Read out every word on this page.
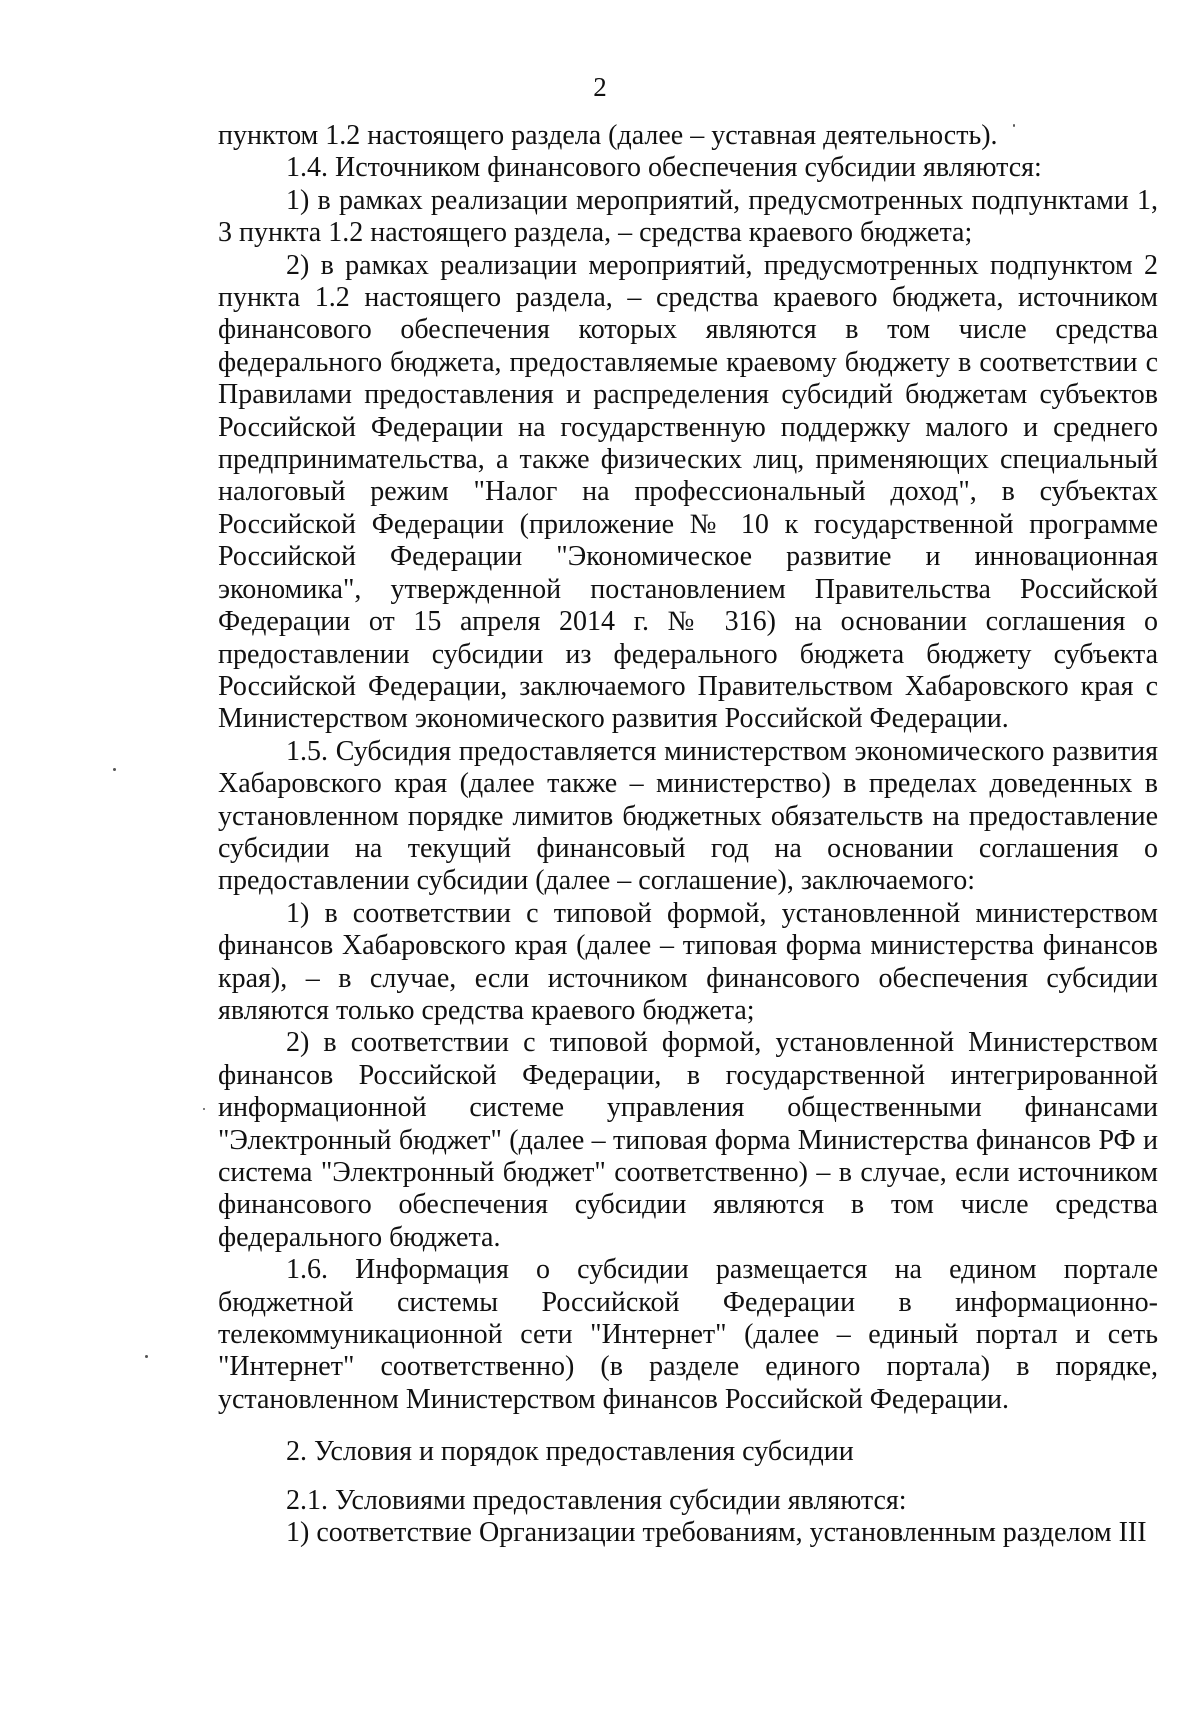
2

пунктом 1.2 настоящего раздела (далее – уставная деятельность).

1.4. Источником финансового обеспечения субсидии являются:

1) в рамках реализации мероприятий, предусмотренных подпунктами 1, 3 пункта 1.2 настоящего раздела, – средства краевого бюджета;

2) в рамках реализации мероприятий, предусмотренных подпунктом 2 пункта 1.2 настоящего раздела, – средства краевого бюджета, источником финансового обеспечения которых являются в том числе средства федерального бюджета, предоставляемые краевому бюджету в соответствии с Правилами предоставления и распределения субсидий бюджетам субъектов Российской Федерации на государственную поддержку малого и среднего предпринимательства, а также физических лиц, применяющих специальный налоговый режим "Налог на профессиональный доход", в субъектах Российской Федерации (приложение № 10 к государственной программе Российской Федерации "Экономическое развитие и инновационная экономика", утвержденной постановлением Правительства Российской Федерации от 15 апреля 2014 г. № 316) на основании соглашения о предоставлении субсидии из федерального бюджета бюджету субъекта Российской Федерации, заключаемого Правительством Хабаровского края с Министерством экономического развития Российской Федерации.

1.5. Субсидия предоставляется министерством экономического развития Хабаровского края (далее также – министерство) в пределах доведенных в установленном порядке лимитов бюджетных обязательств на предоставление субсидии на текущий финансовый год на основании соглашения о предоставлении субсидии (далее – соглашение), заключаемого:

1) в соответствии с типовой формой, установленной министерством финансов Хабаровского края (далее – типовая форма министерства финансов края), – в случае, если источником финансового обеспечения субсидии являются только средства краевого бюджета;

2) в соответствии с типовой формой, установленной Министерством финансов Российской Федерации, в государственной интегрированной информационной системе управления общественными финансами "Электронный бюджет" (далее – типовая форма Министерства финансов РФ и система "Электронный бюджет" соответственно) – в случае, если источником финансового обеспечения субсидии являются в том числе средства федерального бюджета.

1.6. Информация о субсидии размещается на едином портале бюджетной системы Российской Федерации в информационно-телекоммуникационной сети "Интернет" (далее – единый портал и сеть "Интернет" соответственно) (в разделе единого портала) в порядке, установленном Министерством финансов Российской Федерации.

2. Условия и порядок предоставления субсидии

2.1. Условиями предоставления субсидии являются:

1) соответствие Организации требованиям, установленным разделом III
